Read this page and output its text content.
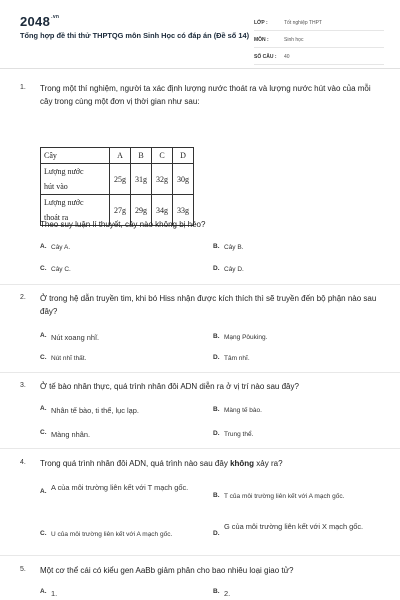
$2048^{.vn}$
Tổng hợp đề thi thử THPTQG môn Sinh Học có đáp án (Đề số 14)
LỚP :	Tốt nghiệp THPT
MÔN :	Sinh học
SỐ CÂU :	40
1. Trong một thí nghiệm, người ta xác định lượng nước thoát ra và lượng nước hút vào của mỗi cây trong cùng một đơn vị thời gian như sau:
Cây	A	B	C	D

Lượng nước
hút vào	25g	31g	32g	30g

Lượng nước
thoát ra	27g	29g	34g	33g
Theo suy luận lí thuyết, cây nào không bị héo?
A. Cây A.	B. Cây B.
C. Cây C.	D. Cây D.
2. Ở trong hệ dẫn truyền tim, khi bó Hiss nhận được kích thích thì sẽ truyền đến bộ phận nào sau đây?
A. Nút xoang nhĩ.	B. Mạng Pôuking.
C. Nút nhĩ thất.	D. Tâm nhĩ.
3. Ở tế bào nhân thực, quá trình nhân đôi ADN diễn ra ở vị trí nào sau đây?
A. Nhân tế bào, ti thể, lục lạp.	B. Màng tế bào.
C. Màng nhân.	D. Trung thể.
4. Trong quá trình nhân đôi ADN, quá trình nào sau đây không xảy ra?
A. A của môi trường liên kết với T mạch gốc.
B. T của môi trường liên kết với A mạch gốc.
C. U của môi trường liên kết với A mạch gốc.	D.
G của môi trường liên kết với X mạch gốc.
5. Một cơ thể cái có kiểu gen AaBb giảm phân cho bao nhiêu loại giao tử?
A. 1.	B. 2.
